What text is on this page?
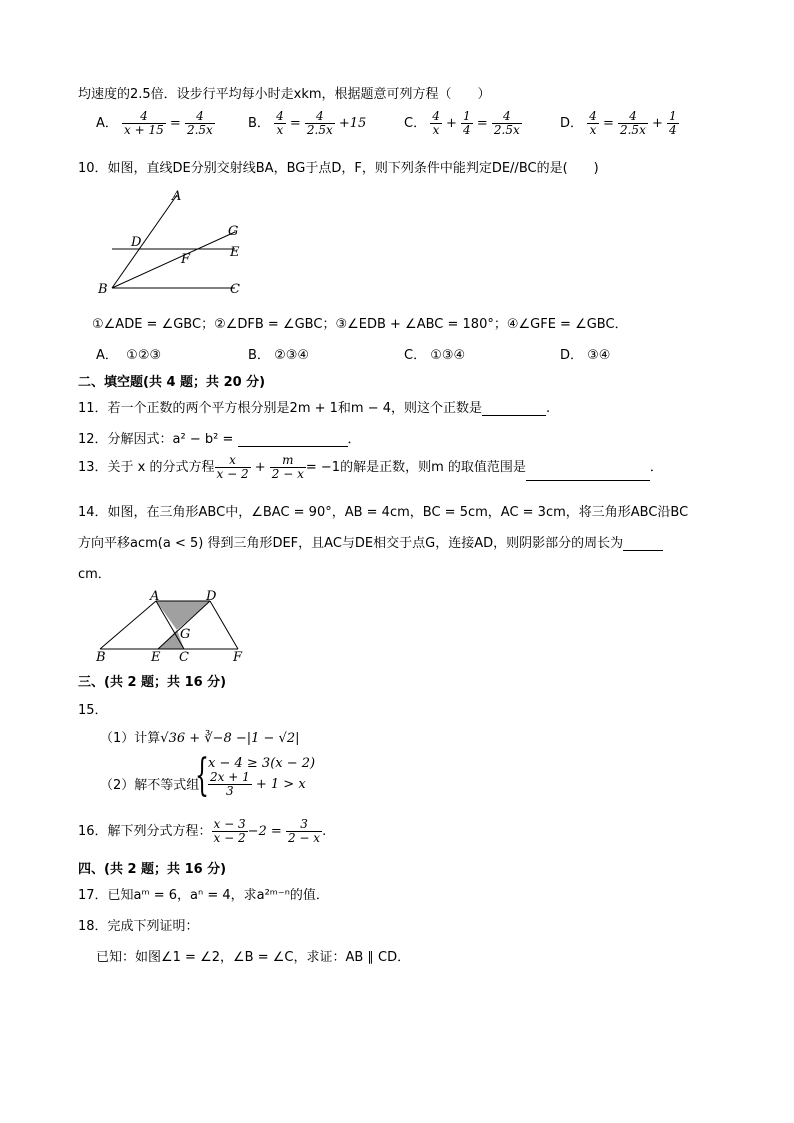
均速度的2.5倍．设步行平均每小时走xkm，根据题意可列方程（　　）
A． $\frac{4}{x + 15} = \frac{4}{2.5x}$	B． $\frac{4}{x} = \frac{4}{2.5x} +15$	C． $\frac{4}{x} + \frac{1}{4} = \frac{4}{2.5x}$	D． $\frac{4}{x} = \frac{4}{2.5x} + \frac{1}{4}$
10．如图，直线DE分别交射线BA，BG于点D，F，则下列条件中能判定DE//BC的是(　　)
A
G
D
E
F
B	C
①∠ADE = ∠GBC；②∠DFB = ∠GBC；③∠EDB + ∠ABC = 180°；④∠GFE = ∠GBC．
A． ①②③	B． ②③④	C． ①③④	D． ③④
二、填空题(共 4 题；共 20 分)
11．若一个正数的两个平方根分别是2m + 1和m − 4，则这个正数是	.
12．分解因式：a² − b² =	．
13．关于 x 的分式方程 $\frac{x}{x - 2} + \frac{m}{2 - x} = -1$的解是正数，则m 的取值范围是	．
14．如图，在三角形ABC中，∠BAC = 90°，AB = 4cm，BC = 5cm，AC = 3cm，将三角形ABC沿BC
方向平移acm(a < 5) 得到三角形DEF，且AC与DE相交于点G，连接AD，则阴影部分的周长为
cm．
A	D
G
B	E C	F
三、(共 2 题；共 16 分)
15．
（1）计算√36 + ∛−8 −|1 − √2|
（2）解不等式组
{ x − 4 ≥ 3(x − 2)
$\frac{2x + 1}{3} + 1 > x$
16．解下列分式方程： $\frac{x - 3}{x - 2} -2 = \frac{3}{2 - x}$ .
四、(共 2 题；共 16 分)
17．已知aᵐ = 6，aⁿ = 4，求a²ᵐ⁻ⁿ的值．
18．完成下列证明：
已知：如图∠1 = ∠2，∠B = ∠C，求证：AB ∥ CD．
